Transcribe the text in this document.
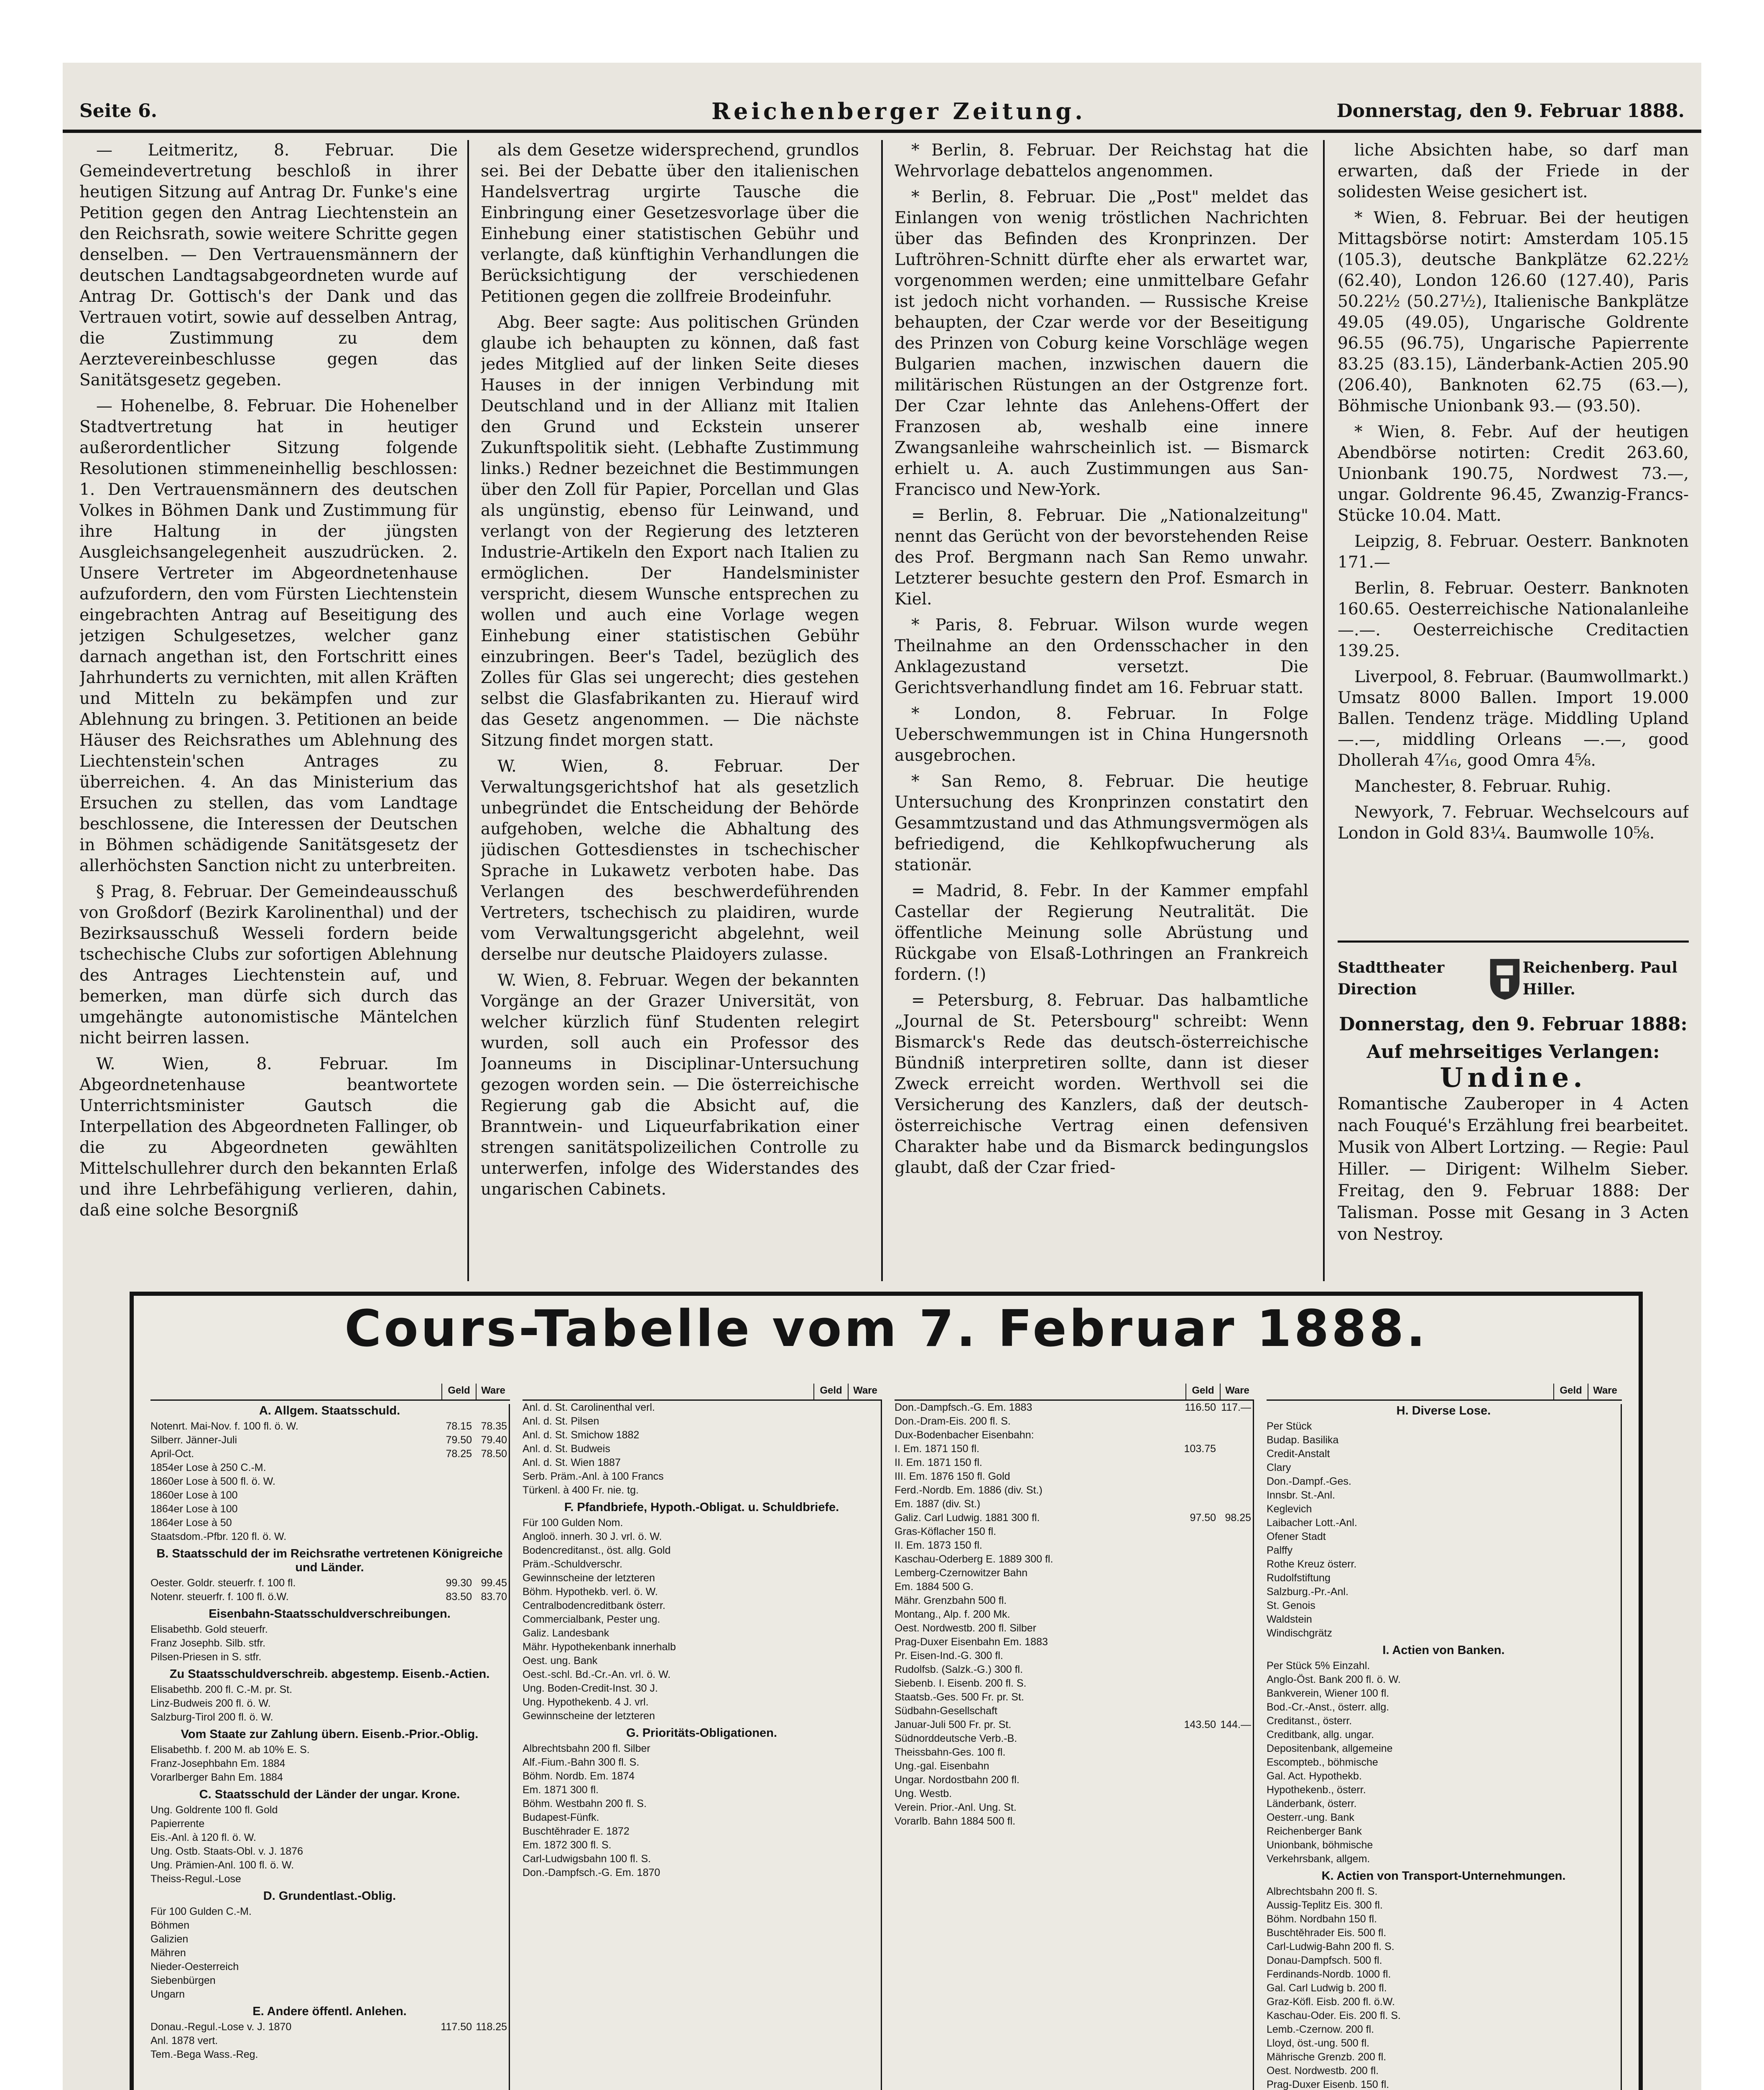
Seite 6.	Reichenberger Zeitung.	Donnerstag, den 9. Februar 1888.

— Leitmeritz, 8. Februar. Die Gemeindevertretung beschloß in ihrer heutigen Sitzung auf Antrag Dr. Funke's eine Petition gegen den Antrag Liechtenstein an den Reichsrath, sowie weitere Schritte gegen denselben. — Den Vertrauensmännern der deutschen Landtagsabgeordneten wurde auf Antrag Dr. Gottisch's der Dank und das Vertrauen votirt, sowie auf desselben Antrag, die Zustimmung zu dem Aerztevereinbeschlusse gegen das Sanitätsgesetz gegeben.

— Hohenelbe, 8. Februar. Die Hohenelber Stadtvertretung hat in heutiger außerordentlicher Sitzung folgende Resolutionen stimmeneinhellig beschlossen: 1. Den Vertrauensmännern des deutschen Volkes in Böhmen Dank und Zustimmung für ihre Haltung in der jüngsten Ausgleichsangelegenheit auszudrücken. 2. Unsere Vertreter im Abgeordnetenhause aufzufordern, den vom Fürsten Liechtenstein eingebrachten Antrag auf Beseitigung des jetzigen Schulgesetzes, welcher ganz darnach angethan ist, den Fortschritt eines Jahrhunderts zu vernichten, mit allen Kräften und Mitteln zu bekämpfen und zur Ablehnung zu bringen. 3. Petitionen an beide Häuser des Reichsrathes um Ablehnung des Liechtenstein'schen Antrages zu überreichen. 4. An das Ministerium das Ersuchen zu stellen, das vom Landtage beschlossene, die Interessen der Deutschen in Böhmen schädigende Sanitätsgesetz der allerhöchsten Sanction nicht zu unterbreiten.

§ Prag, 8. Februar. Der Gemeindeausschuß von Großdorf (Bezirk Karolinenthal) und der Bezirksausschuß Wesseli fordern beide tschechische Clubs zur sofortigen Ablehnung des Antrages Liechtenstein auf, und bemerken, man dürfe sich durch das umgehängte autonomistische Mäntelchen nicht beirren lassen.

W. Wien, 8. Februar. Im Abgeordnetenhause beantwortete Unterrichtsminister Gautsch die Interpellation des Abgeordneten Fallinger, ob die zu Abgeordneten gewählten Mittelschullehrer durch den bekannten Erlaß und ihre Lehrbefähigung verlieren, dahin, daß eine solche Besorgniß

als dem Gesetze widersprechend, grundlos sei. Bei der Debatte über den italienischen Handelsvertrag urgirte Tausche die Einbringung einer Gesetzesvorlage über die Einhebung einer statistischen Gebühr und verlangte, daß künftighin Verhandlungen die Berücksichtigung der verschiedenen Petitionen gegen die zollfreie Brodeinfuhr.

Abg. Beer sagte: Aus politischen Gründen glaube ich behaupten zu können, daß fast jedes Mitglied auf der linken Seite dieses Hauses in der innigen Verbindung mit Deutschland und in der Allianz mit Italien den Grund und Eckstein unserer Zukunftspolitik sieht. (Lebhafte Zustimmung links.) Redner bezeichnet die Bestimmungen über den Zoll für Papier, Porcellan und Glas als ungünstig, ebenso für Leinwand, und verlangt von der Regierung des letzteren Industrie-Artikeln den Export nach Italien zu ermöglichen. Der Handelsminister verspricht, diesem Wunsche entsprechen zu wollen und auch eine Vorlage wegen Einhebung einer statistischen Gebühr einzubringen. Beer's Tadel, bezüglich des Zolles für Glas sei ungerecht; dies gestehen selbst die Glasfabrikanten zu. Hierauf wird das Gesetz angenommen. — Die nächste Sitzung findet morgen statt.

W. Wien, 8. Februar. Der Verwaltungsgerichtshof hat als gesetzlich unbegründet die Entscheidung der Behörde aufgehoben, welche die Abhaltung des jüdischen Gottesdienstes in tschechischer Sprache in Lukawetz verboten habe. Das Verlangen des beschwerdeführenden Vertreters, tschechisch zu plaidiren, wurde vom Verwaltungsgericht abgelehnt, weil derselbe nur deutsche Plaidoyers zulasse.

W. Wien, 8. Februar. Wegen der bekannten Vorgänge an der Grazer Universität, von welcher kürzlich fünf Studenten relegirt wurden, soll auch ein Professor des Joanneums in Disciplinar-Untersuchung gezogen worden sein. — Die österreichische Regierung gab die Absicht auf, die Branntwein- und Liqueurfabrikation einer strengen sanitätspolizeilichen Controlle zu unterwerfen, infolge des Widerstandes des ungarischen Cabinets.

* Berlin, 8. Februar. Der Reichstag hat die Wehrvorlage debattelos angenommen.

* Berlin, 8. Februar. Die „Post" meldet das Einlangen von wenig tröstlichen Nachrichten über das Befinden des Kronprinzen. Der Luftröhren-Schnitt dürfte eher als erwartet war, vorgenommen werden; eine unmittelbare Gefahr ist jedoch nicht vorhanden. — Russische Kreise behaupten, der Czar werde vor der Beseitigung des Prinzen von Coburg keine Vorschläge wegen Bulgarien machen, inzwischen dauern die militärischen Rüstungen an der Ostgrenze fort. Der Czar lehnte das Anlehens-Offert der Franzosen ab, weshalb eine innere Zwangsanleihe wahrscheinlich ist. — Bismarck erhielt u. A. auch Zustimmungen aus San-Francisco und New-York.

= Berlin, 8. Februar. Die „Nationalzeitung" nennt das Gerücht von der bevorstehenden Reise des Prof. Bergmann nach San Remo unwahr. Letzterer besuchte gestern den Prof. Esmarch in Kiel.

* Paris, 8. Februar. Wilson wurde wegen Theilnahme an den Ordensschacher in den Anklagezustand versetzt. Die Gerichtsverhandlung findet am 16. Februar statt.

* London, 8. Februar. In Folge Ueberschwemmungen ist in China Hungersnoth ausgebrochen.

* San Remo, 8. Februar. Die heutige Untersuchung des Kronprinzen constatirt den Gesammtzustand und das Athmungsvermögen als befriedigend, die Kehlkopfwucherung als stationär.

= Madrid, 8. Febr. In der Kammer empfahl Castellar der Regierung Neutralität. Die öffentliche Meinung solle Abrüstung und Rückgabe von Elsaß-Lothringen an Frankreich fordern. (!)

= Petersburg, 8. Februar. Das halbamtliche „Journal de St. Petersbourg" schreibt: Wenn Bismarck's Rede das deutsch-österreichische Bündniß interpretiren sollte, dann ist dieser Zweck erreicht worden. Werthvoll sei die Versicherung des Kanzlers, daß der deutsch-österreichische Vertrag einen defensiven Charakter habe und da Bismarck bedingungslos glaubt, daß der Czar fried-

liche Absichten habe, so darf man erwarten, daß der Friede in der solidesten Weise gesichert ist.

* Wien, 8. Februar. Bei der heutigen Mittagsbörse notirt: Amsterdam 105.15 (105.3), deutsche Bankplätze 62.22½ (62.40), London 126.60 (127.40), Paris 50.22½ (50.27½), Italienische Bankplätze 49.05 (49.05), Ungarische Goldrente 96.55 (96.75), Ungarische Papierrente 83.25 (83.15), Länderbank-Actien 205.90 (206.40), Banknoten 62.75 (63.—), Böhmische Unionbank 93.— (93.50).

* Wien, 8. Febr. Auf der heutigen Abendbörse notirten: Credit 263.60, Unionbank 190.75, Nordwest 73.—, ungar. Goldrente 96.45, Zwanzig-Francs-Stücke 10.04. Matt.

Leipzig, 8. Februar. Oesterr. Banknoten 171.—

Berlin, 8. Februar. Oesterr. Banknoten 160.65. Oesterreichische Nationalanleihe —.—. Oesterreichische Creditactien 139.25.

Liverpool, 8. Februar. (Baumwollmarkt.) Umsatz 8000 Ballen. Import 19.000 Ballen. Tendenz träge. Middling Upland —.—, middling Orleans —.—, good Dhollerah 4⁷⁄₁₆, good Omra 4⅝.

Manchester, 8. Februar. Ruhig.

Newyork, 7. Februar. Wechselcours auf London in Gold 83¼. Baumwolle 10⅝.

Stadttheater Direction
Reichenberg. Paul Hiller.
Donnerstag, den 9. Februar 1888:
Auf mehrseitiges Verlangen:
Undine.
Romantische Zauberoper in 4 Acten nach Fouqué's Erzählung frei bearbeitet. Musik von Albert Lortzing. — Regie: Paul Hiller. — Dirigent: Wilhelm Sieber. Freitag, den 9. Februar 1888: Der Talisman. Posse mit Gesang in 3 Acten von Nestroy.
Cours-Tabelle vom 7. Februar 1888.
Geld	Ware
A. Allgem. Staatsschuld.
Notenrt. Mai-Nov. f. 100 fl. ö. W.	78.15 78.35
Silberr. Jänner-Juli	79.50 79.40
April-Oct.	78.25 78.50
1854er Lose à 250 C.-M.
1860er Lose à 500 fl. ö. W.
1860er Lose à 100
1864er Lose à 100
1864er Lose à 50
Staatsdom.-Pfbr. 120 fl. ö. W.
B. Staatsschuld der im Reichsrathe vertretenen Königreiche und Länder.
Oester. Goldr. steuerfr. f. 100 fl.	99.30 99.45
Notenr. steuerfr. f. 100 fl. ö.W.	83.50 83.70
Eisenbahn-Staatsschuldverschreibungen.
Elisabethb. Gold steuerfr.
Franz Josephb. Silb. stfr.
Pilsen-Priesen in S. stfr.
Zu Staatsschuldverschreib. abgestemp. Eisenb.-Actien.
Elisabethb. 200 fl. C.-M. pr. St.
Linz-Budweis 200 fl. ö. W.
Salzburg-Tirol 200 fl. ö. W.
Vom Staate zur Zahlung übern. Eisenb.-Prior.-Oblig.
Elisabethb. f. 200 M. ab 10% E. S.
Franz-Josephbahn Em. 1884
Vorarlberger Bahn Em. 1884
C. Staatsschuld der Länder der ungar. Krone.
Ung. Goldrente 100 fl. Gold
Papierrente
Eis.-Anl. à 120 fl. ö. W.
Ung. Ostb. Staats-Obl. v. J. 1876
Ung. Prämien-Anl. 100 fl. ö. W.
Theiss-Regul.-Lose
D. Grundentlast.-Oblig.
Für 100 Gulden C.-M.
Böhmen
Galizien
Mähren
Nieder-Oesterreich
Siebenbürgen
Ungarn
E. Andere öffentl. Anlehen.
Donau.-Regul.-Lose v. J. 1870	117.50 118.25
Anl. 1878 vert.
Tem.-Bega Wass.-Reg.
Geld	Ware
Anl. d. St. Carolinenthal verl.
Anl. d. St. Pilsen
Anl. d. St. Smichow 1882
Anl. d. St. Budweis
Anl. d. St. Wien 1887
Serb. Präm.-Anl. à 100 Francs
Türkenl. à 400 Fr. nie. tg.
F. Pfandbriefe, Hypoth.-Obligat. u. Schuldbriefe.
Für 100 Gulden Nom.
Angloö. innerh. 30 J. vrl. ö. W.
Bodencreditanst., öst. allg. Gold
Präm.-Schuldverschr.
Gewinnscheine der letzteren
Böhm. Hypothekb. verl. ö. W.
Centralbodencreditbank österr.
Commercialbank, Pester ung.
Galiz. Landesbank
Mähr. Hypothekenbank innerhalb
Oest. ung. Bank
Oest.-schl. Bd.-Cr.-An. vrl. ö. W.
Ung. Boden-Credit-Inst. 30 J.
Ung. Hypothekenb. 4 J. vrl.
Gewinnscheine der letzteren
G. Prioritäts-Obligationen.
Albrechtsbahn 200 fl. Silber
Alf.-Fium.-Bahn 300 fl. S.
Böhm. Nordb. Em. 1874
Em. 1871 300 fl.
Böhm. Westbahn 200 fl. S.
Budapest-Fünfk.
Buschtěhrader E. 1872
Em. 1872 300 fl. S.
Carl-Ludwigsbahn 100 fl. S.
Don.-Dampfsch.-G. Em. 1870
Geld	Ware
Don.-Dampfsch.-G. Em. 1883	116.50 117.—
Don.-Dram-Eis. 200 fl. S.
Dux-Bodenbacher Eisenbahn:
I. Em. 1871 150 fl.	103.75
II. Em. 1871 150 fl.
III. Em. 1876 150 fl. Gold
Ferd.-Nordb. Em. 1886 (div. St.)
Em. 1887 (div. St.)
Galiz. Carl Ludwig. 1881 300 fl.	97.50 98.25
Gras-Köflacher 150 fl.
II. Em. 1873 150 fl.
Kaschau-Oderberg E. 1889 300 fl.
Lemberg-Czernowitzer Bahn
Em. 1884 500 G.
Mähr. Grenzbahn 500 fl.
Montang., Alp. f. 200 Mk.
Oest. Nordwestb. 200 fl. Silber
Prag-Duxer Eisenbahn Em. 1883
Pr. Eisen-Ind.-G. 300 fl.
Rudolfsb. (Salzk.-G.) 300 fl.
Siebenb. I. Eisenb. 200 fl. S.
Staatsb.-Ges. 500 Fr. pr. St.
Südbahn-Gesellschaft
Januar-Juli 500 Fr. pr. St.	143.50 144.—
Südnorddeutsche Verb.-B.
Theissbahn-Ges. 100 fl.
Ung.-gal. Eisenbahn
Ungar. Nordostbahn 200 fl.
Ung. Westb.
Verein. Prior.-Anl. Ung. St.
Vorarlb. Bahn 1884 500 fl.
Geld	Ware
H. Diverse Lose.
Per Stück
Budap. Basilika
Credit-Anstalt
Clary
Don.-Dampf.-Ges.
Innsbr. St.-Anl.
Keglevich
Laibacher Lott.-Anl.
Ofener Stadt
Palffy
Rothe Kreuz österr.
Rudolfstiftung
Salzburg.-Pr.-Anl.
St. Genois
Waldstein
Windischgrätz
I. Actien von Banken.
Per Stück 5% Einzahl.
Anglo-Öst. Bank 200 fl. ö. W.
Bankverein, Wiener 100 fl.
Bod.-Cr.-Anst., österr. allg.
Creditanst., österr.
Creditbank, allg. ungar.
Depositenbank, allgemeine
Escompteb., böhmische
Gal. Act. Hypothekb.
Hypothekenb., österr.
Länderbank, österr.
Oesterr.-ung. Bank
Reichenberger Bank
Unionbank, böhmische
Verkehrsbank, allgem.
K. Actien von Transport-Unternehmungen.
Albrechtsbahn 200 fl. S.
Aussig-Teplitz Eis. 300 fl.
Böhm. Nordbahn 150 fl.
Buschtěhrader Eis. 500 fl.
Carl-Ludwig-Bahn 200 fl. S.
Donau-Dampfsch. 500 fl.
Ferdinands-Nordb. 1000 fl.
Gal. Carl Ludwig b. 200 fl.
Graz-Köfl. Eisb. 200 fl. ö.W.
Kaschau-Oder. Eis. 200 fl. S.
Lemb.-Czernow. 200 fl.
Lloyd, öst.-ung. 500 fl.
Mährische Grenzb. 200 fl.
Oest. Nordwestb. 200 fl.
Prag-Duxer Eisenb. 150 fl.
